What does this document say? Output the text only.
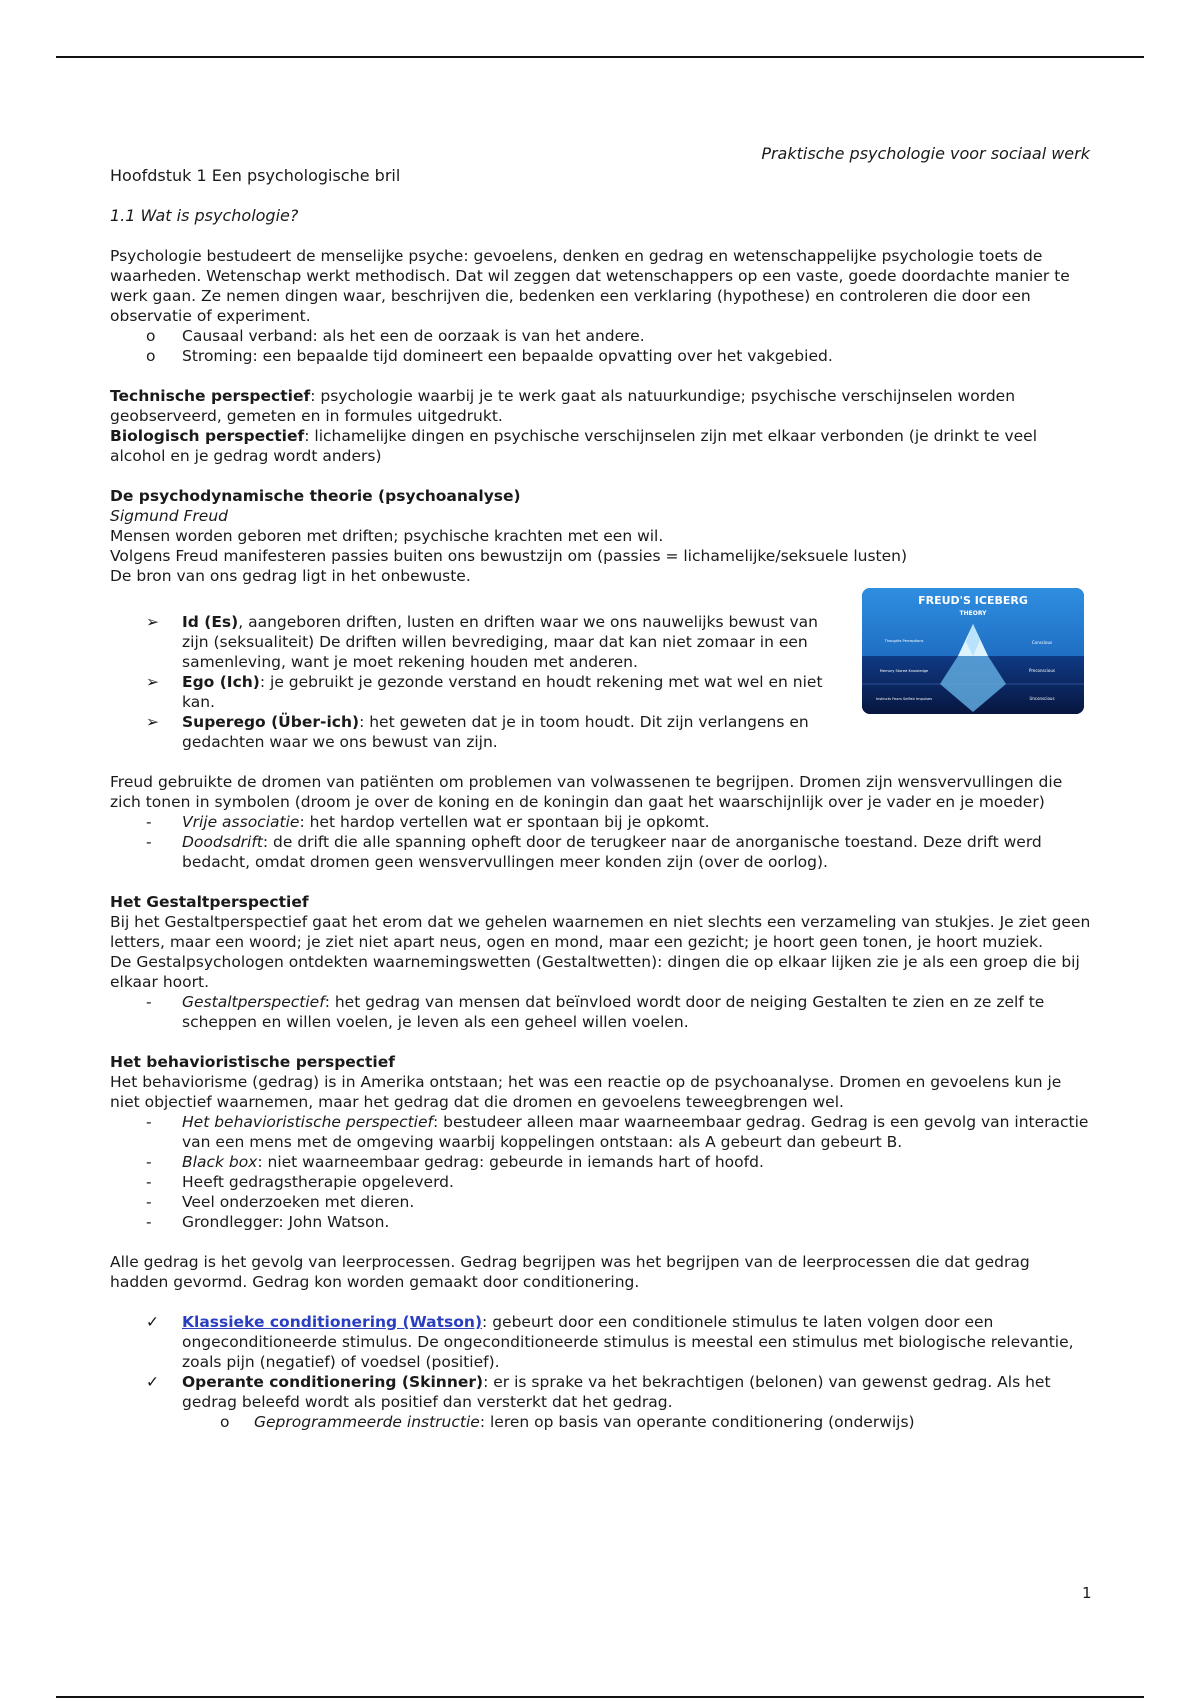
Praktische psychologie voor sociaal werk
Hoofdstuk 1 Een psychologische bril
1.1 Wat is psychologie?

Psychologie bestudeert de menselijke psyche: gevoelens, denken en gedrag en wetenschappelijke psychologie toets de waarheden. Wetenschap werkt methodisch. Dat wil zeggen dat wetenschappers op een vaste, goede doordachte manier te werk gaan. Ze nemen dingen waar, beschrijven die, bedenken een verklaring (hypothese) en controleren die door een observatie of experiment.

o	Causaal verband: als het een de oorzaak is van het andere.
o	Stroming: een bepaalde tijd domineert een bepaalde opvatting over het vakgebied.

Technische perspectief: psychologie waarbij je te werk gaat als natuurkundige; psychische verschijnselen worden geobserveerd, gemeten en in formules uitgedrukt.

Biologisch perspectief: lichamelijke dingen en psychische verschijnselen zijn met elkaar verbonden (je drinkt te veel alcohol en je gedrag wordt anders)

De psychodynamische theorie (psychoanalyse)

Sigmund Freud

Mensen worden geboren met driften; psychische krachten met een wil.

Volgens Freud manifesteren passies buiten ons bewustzijn om (passies = lichamelijke/seksuele lusten)

De bron van ons gedrag ligt in het onbewuste.

➢	Id (Es), aangeboren driften, lusten en driften waar we ons nauwelijks bewust van zijn (seksualiteit) De driften willen bevrediging, maar dat kan niet zomaar in een samenleving, want je moet rekening houden met anderen.
➢	Ego (Ich): je gebruikt je gezonde verstand en houdt rekening met wat wel en niet kan.
➢	Superego (Über-ich): het geweten dat je in toom houdt. Dit zijn verlangens en gedachten waar we ons bewust van zijn.
FREUD'S ICEBERG
THEORY
Thoughts Perceptions
Memory Stored Knowledge
Instincts Fears Selfish Impulses
Conscious
Preconscious
Unconscious

Freud gebruikte de dromen van patiënten om problemen van volwassenen te begrijpen. Dromen zijn wensvervullingen die zich tonen in symbolen (droom je over de koning en de koningin dan gaat het waarschijnlijk over je vader en je moeder)

-	Vrije associatie: het hardop vertellen wat er spontaan bij je opkomt.
-	Doodsdrift: de drift die alle spanning opheft door de terugkeer naar de anorganische toestand. Deze drift werd bedacht, omdat dromen geen wensvervullingen meer konden zijn (over de oorlog).

Het Gestaltperspectief

Bij het Gestaltperspectief gaat het erom dat we gehelen waarnemen en niet slechts een verzameling van stukjes. Je ziet geen letters, maar een woord; je ziet niet apart neus, ogen en mond, maar een gezicht; je hoort geen tonen, je hoort muziek.

De Gestalpsychologen ontdekten waarnemingswetten (Gestaltwetten): dingen die op elkaar lijken zie je als een groep die bij elkaar hoort.

-	Gestaltperspectief: het gedrag van mensen dat beïnvloed wordt door de neiging Gestalten te zien en ze zelf te scheppen en willen voelen, je leven als een geheel willen voelen.

Het behavioristische perspectief

Het behaviorisme (gedrag) is in Amerika ontstaan; het was een reactie op de psychoanalyse. Dromen en gevoelens kun je niet objectief waarnemen, maar het gedrag dat die dromen en gevoelens teweegbrengen wel.

-	Het behavioristische perspectief: bestudeer alleen maar waarneembaar gedrag. Gedrag is een gevolg van interactie van een mens met de omgeving waarbij koppelingen ontstaan: als A gebeurt dan gebeurt B.
-	Black box: niet waarneembaar gedrag: gebeurde in iemands hart of hoofd.
-	Heeft gedragstherapie opgeleverd.
-	Veel onderzoeken met dieren.
-	Grondlegger: John Watson.

Alle gedrag is het gevolg van leerprocessen. Gedrag begrijpen was het begrijpen van de leerprocessen die dat gedrag hadden gevormd. Gedrag kon worden gemaakt door conditionering.

✓	Klassieke conditionering (Watson): gebeurt door een conditionele stimulus te laten volgen door een ongeconditioneerde stimulus. De ongeconditioneerde stimulus is meestal een stimulus met biologische relevantie, zoals pijn (negatief) of voedsel (positief).
✓	Operante conditionering (Skinner): er is sprake va het bekrachtigen (belonen) van gewenst gedrag. Als het gedrag beleefd wordt als positief dan versterkt dat het gedrag.
o	Geprogrammeerde instructie: leren op basis van operante conditionering (onderwijs)
1
